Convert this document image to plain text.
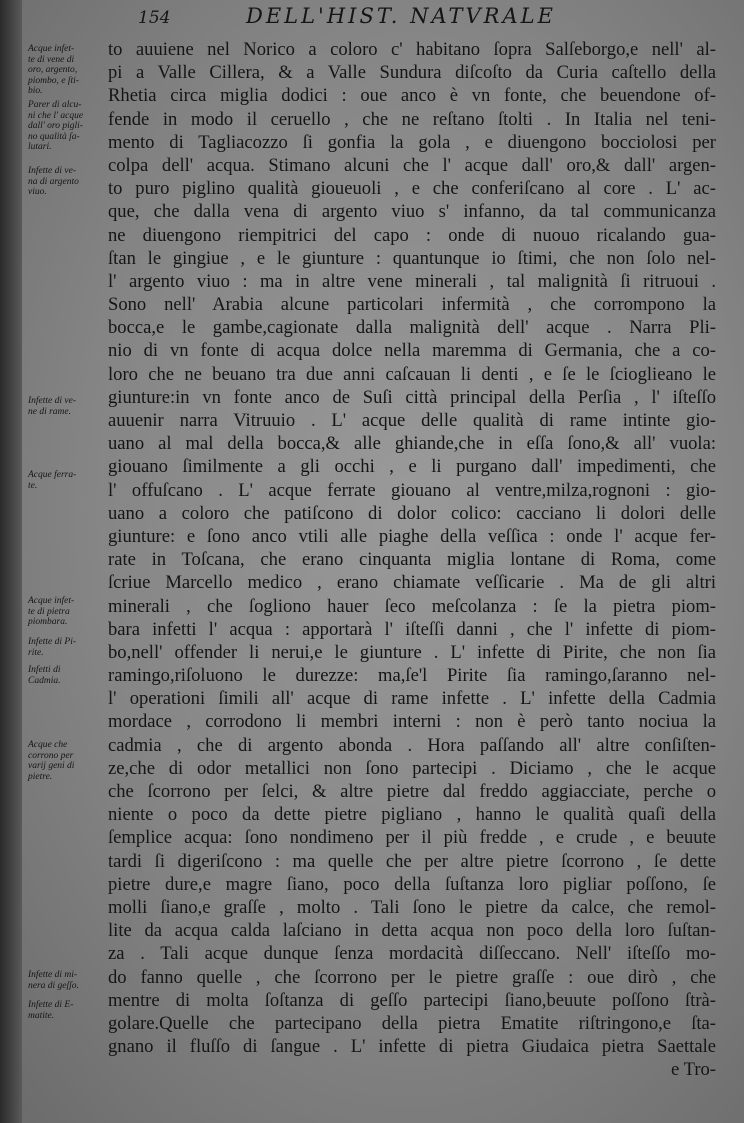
154	DELL'HIST. NATVRALE
Acque infet-
te di vene di
oro, argento,
piombo, e ſti-
bio.
Parer di alcu-
ni che l' acque
dall' oro pigli-
no qualità ſa-
lutari.
Infette di ve-
na di argento
viuo.
Infette di ve-
ne di rame.
Acque ferra-
te.
Acque infet-
te di pietra
piombara.
Infette di Pi-
rite.
Infetti di
Cadmia.
Acque che
corrono per
varij geni di
pietre.
Infette di mi-
nera di geſſo.
Infette di E-
matite.
to auuiene nel Norico a coloro c' habitano ſopra Salſeborgo,e nell' al-
pi a Valle Cillera, & a Valle Sundura diſcoſto da Curia caſtello della
Rhetia circa miglia dodici : oue anco è vn fonte, che beuendone of-
fende in modo il ceruello , che ne reſtano ſtolti . In Italia nel teni-
mento di Tagliacozzo ſi gonfia la gola , e diuengono bocciolosi per
colpa dell' acqua. Stimano alcuni che l' acque dall' oro,& dall' argen-
to puro piglino qualità gioueuoli , e che conferiſcano al core . L' ac-
que, che dalla vena di argento viuo s' infanno, da tal communicanza
ne diuengono riempitrici del capo : onde di nuouo ricalando gua-
ſtan le gingiue , e le giunture : quantunque io ſtimi, che non ſolo nel-
l' argento viuo : ma in altre vene minerali , tal malignità ſi ritruoui .
Sono nell' Arabia alcune particolari infermità , che corrompono la
bocca,e le gambe,cagionate dalla malignità dell' acque . Narra Pli-
nio di vn fonte di acqua dolce nella maremma di Germania, che a co-
loro che ne beuano tra due anni caſcauan li denti , e ſe le ſcioglieano le
giunture:in vn fonte anco de Suſi città principal della Perſia , l' iſteſſo
auuenir narra Vitruuio . L' acque delle qualità di rame intinte gio-
uano al mal della bocca,& alle ghiande,che in eſſa ſono,& all' vuola:
giouano ſimilmente a gli occhi , e li purgano dall' impedimenti, che
l' offuſcano . L' acque ferrate giouano al ventre,milza,rognoni : gio-
uano a coloro che patiſcono di dolor colico: cacciano li dolori delle
giunture: e ſono anco vtili alle piaghe della veſſica : onde l' acque fer-
rate in Toſcana, che erano cinquanta miglia lontane di Roma, come
ſcriue Marcello medico , erano chiamate veſſicarie . Ma de gli altri
minerali , che ſogliono hauer ſeco meſcolanza : ſe la pietra piom-
bara infetti l' acqua : apportarà l' iſteſſi danni , che l' infette di piom-
bo,nell' offender li nerui,e le giunture . L' infette di Pirite, che non ſia
ramingo,riſoluono le durezze: ma,ſe'l Pirite ſia ramingo,ſaranno nel-
l' operationi ſimili all' acque di rame infette . L' infette della Cadmia
mordace , corrodono li membri interni : non è però tanto nociua la
cadmia , che di argento abonda . Hora paſſando all' altre conſiſten-
ze,che di odor metallici non ſono partecipi . Diciamo , che le acque
che ſcorrono per ſelci, & altre pietre dal freddo aggiacciate, perche o
niente o poco da dette pietre pigliano , hanno le qualità quaſi della
ſemplice acqua: ſono nondimeno per il più fredde , e crude , e beuute
tardi ſi digeriſcono : ma quelle che per altre pietre ſcorrono , ſe dette
pietre dure,e magre ſiano, poco della ſuſtanza loro pigliar poſſono, ſe
molli ſiano,e graſſe , molto . Tali ſono le pietre da calce, che remol-
lite da acqua calda laſciano in detta acqua non poco della loro ſuſtan-
za . Tali acque dunque ſenza mordacità diſſeccano. Nell' iſteſſo mo-
do fanno quelle , che ſcorrono per le pietre graſſe : oue dirò , che
mentre di molta ſoſtanza di geſſo partecipi ſiano,beuute poſſono ſtrà-
golare.Quelle che partecipano della pietra Ematite riſtringono,e ſta-
gnano il fluſſo di ſangue . L' infette di pietra Giudaica pietra Saettale
e Tro-
